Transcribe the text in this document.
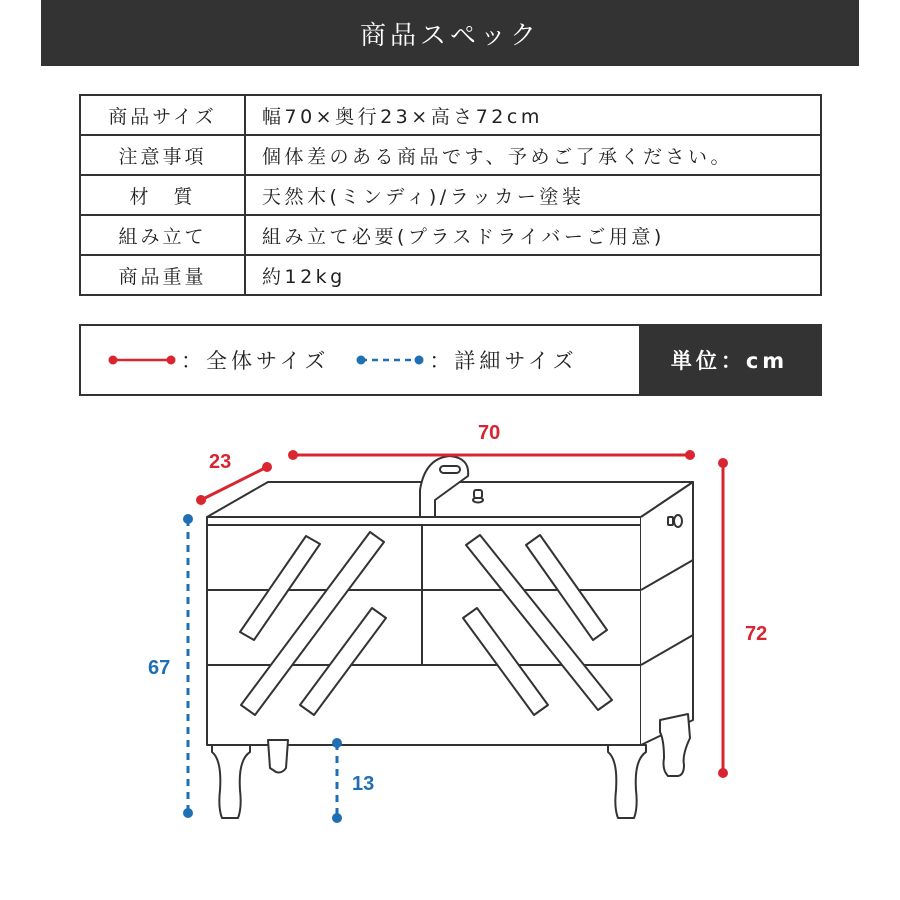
商品スペック
商品サイズ	幅70×奥行23×高さ72cm
注意事項	個体差のある商品です、予めご了承ください。
材　質	天然木(ミンディ)/ラッカー塗装
組み立て	組み立て必要(プラスドライバーご用意)
商品重量	約12kg
：全体サイズ	：詳細サイズ	単位：cm
70
23
72
67
13
